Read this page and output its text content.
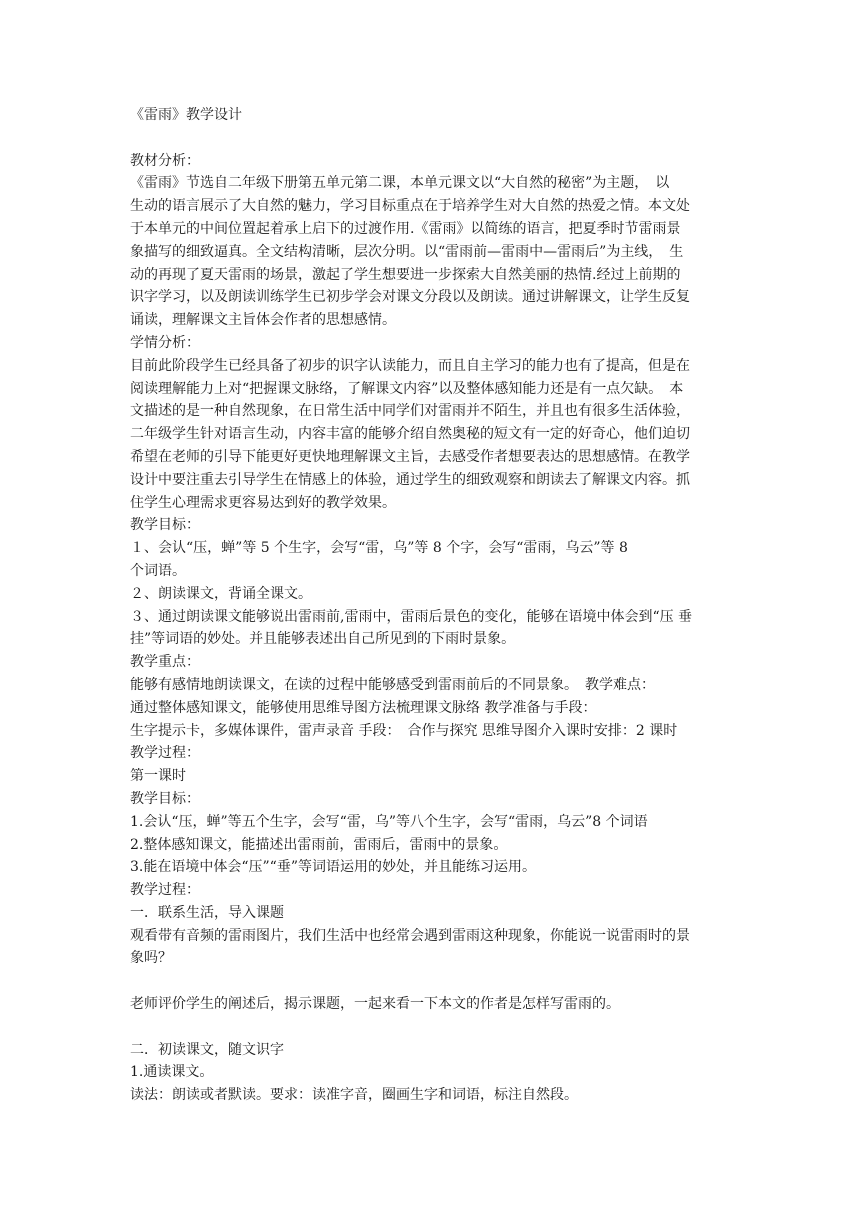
《雷雨》教学设计
教材分析：
《雷雨》节选自二年级下册第五单元第二课，本单元课文以“大自然的秘密”为主题，　以
生动的语言展示了大自然的魅力，学习目标重点在于培养学生对大自然的热爱之情。本文处
于本单元的中间位置起着承上启下的过渡作用.《雷雨》以简练的语言，把夏季时节雷雨景
象描写的细致逼真。全文结构清晰，层次分明。以“雷雨前—雷雨中—雷雨后”为主线，　生
动的再现了夏天雷雨的场景，激起了学生想要进一步探索大自然美丽的热情.经过上前期的
识字学习，以及朗读训练学生已初步学会对课文分段以及朗读。通过讲解课文，让学生反复
诵读，理解课文主旨体会作者的思想感情。
学情分析：
目前此阶段学生已经具备了初步的识字认读能力，而且自主学习的能力也有了提高，但是在
阅读理解能力上对“把握课文脉络，了解课文内容”以及整体感知能力还是有一点欠缺。　本
文描述的是一种自然现象，在日常生活中同学们对雷雨并不陌生，并且也有很多生活体验，
二年级学生针对语言生动，内容丰富的能够介绍自然奥秘的短文有一定的好奇心，他们迫切
希望在老师的引导下能更好更快地理解课文主旨，去感受作者想要表达的思想感情。在教学
设计中要注重去引导学生在情感上的体验，通过学生的细致观察和朗读去了解课文内容。抓
住学生心理需求更容易达到好的教学效果。
教学目标：
１、会认“压，蝉”等 5 个生字，会写“雷，乌”等 8 个字，会写“雷雨，乌云”等 8
个词语。
２、朗读课文，背诵全课文。
３、通过朗读课文能够说出雷雨前,雷雨中，雷雨后景色的变化，能够在语境中体会到“压 垂
挂”等词语的妙处。并且能够表述出自己所见到的下雨时景象。
教学重点：
能够有感情地朗读课文，在读的过程中能够感受到雷雨前后的不同景象。　教学难点：
通过整体感知课文，能够使用思维导图方法梳理课文脉络 教学准备与手段：
生字提示卡，多媒体课件，雷声录音 手段：　合作与探究 思维导图介入课时安排：2 课时
教学过程：
第一课时
教学目标：
1.会认“压，蝉”等五个生字，会写“雷，乌”等八个生字，会写“雷雨，乌云”8 个词语
2.整体感知课文，能描述出雷雨前，雷雨后，雷雨中的景象。
3.能在语境中体会“压”“垂”等词语运用的妙处，并且能练习运用。
教学过程：
一．联系生活，导入课题
观看带有音频的雷雨图片，我们生活中也经常会遇到雷雨这种现象，你能说一说雷雨时的景
象吗？
老师评价学生的阐述后，揭示课题，一起来看一下本文的作者是怎样写雷雨的。
二．初读课文，随文识字
1.通读课文。
读法：朗读或者默读。要求：读准字音，圈画生字和词语，标注自然段。
